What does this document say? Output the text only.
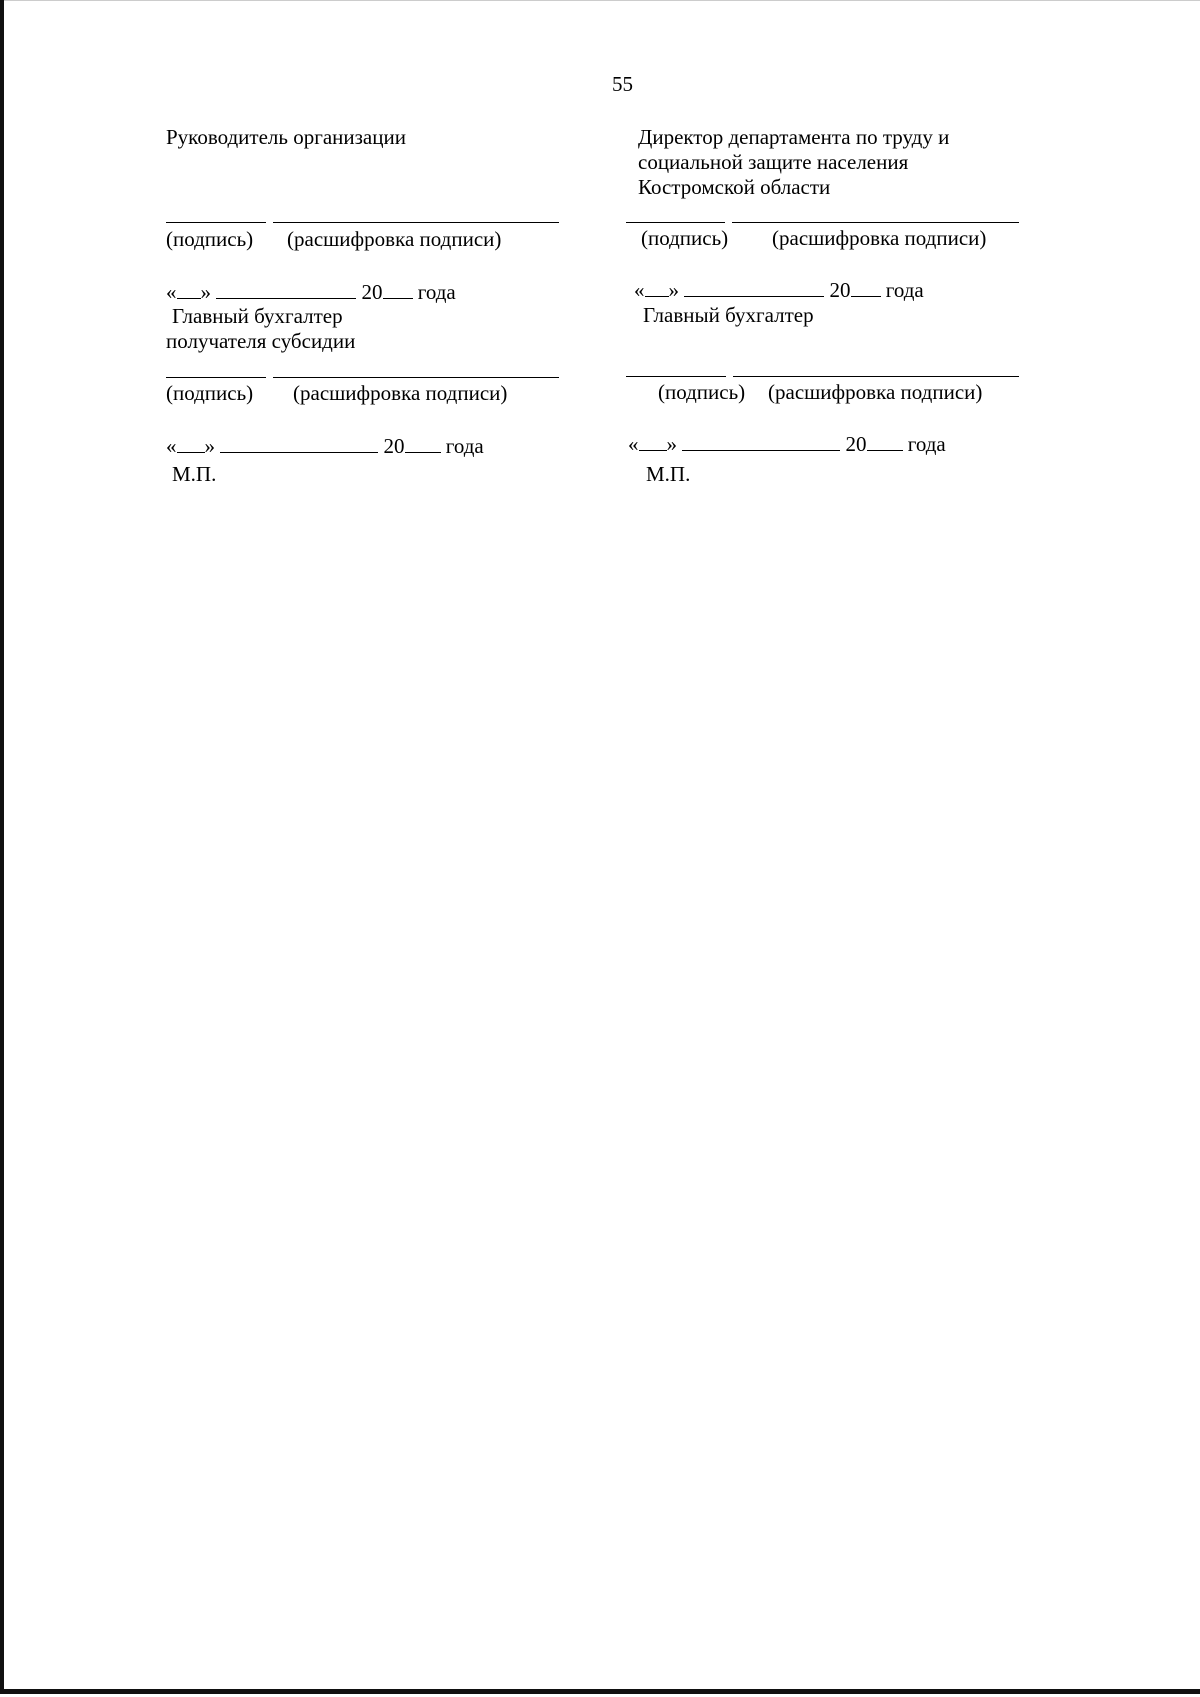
55
Руководитель организации
(подпись) (расшифровка подписи)
« »	20 года
Главный бухгалтер
получателя субсидии
(подпись) (расшифровка подписи)
« »	20 года
М.П.
Директор департамента по труду и
социальной защите населения
Костромской области
(подпись) (расшифровка подписи)
« »	20 года
Главный бухгалтер
(подпись) (расшифровка подписи)
« »	20 года
М.П.
